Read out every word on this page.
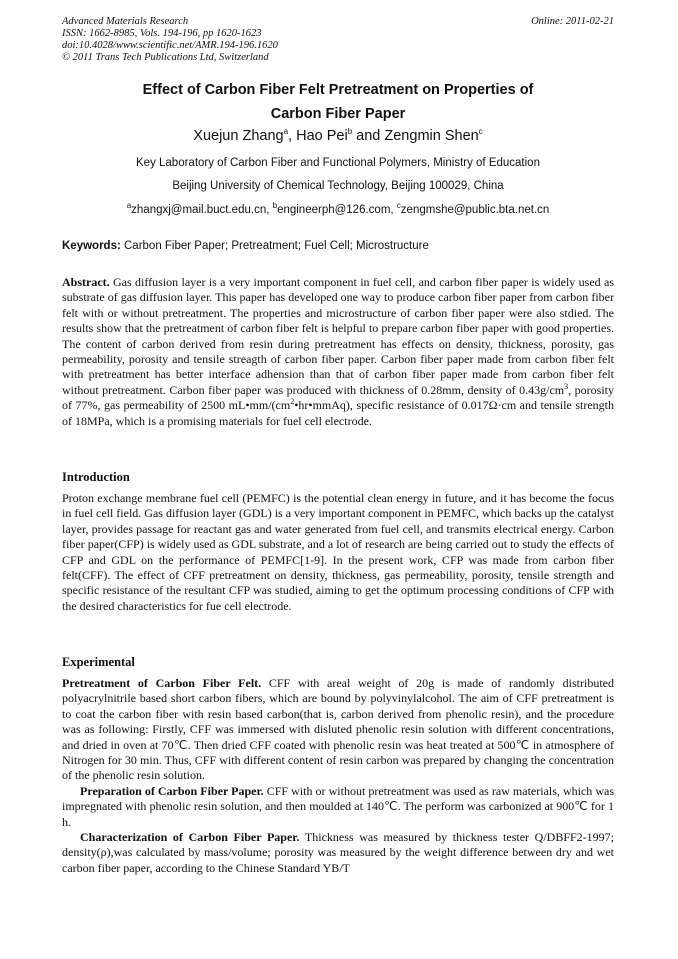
Advanced Materials Research
ISSN: 1662-8985, Vols. 194-196, pp 1620-1623
doi:10.4028/www.scientific.net/AMR.194-196.1620
© 2011 Trans Tech Publications Ltd, Switzerland
Online: 2011-02-21
Effect of Carbon Fiber Felt Pretreatment on Properties of
Carbon Fiber Paper
Xuejun Zhang$^a$, Hao Pei$^b$ and Zengmin Shen$^c$
Key Laboratory of Carbon Fiber and Functional Polymers, Ministry of Education
Beijing University of Chemical Technology, Beijing 100029, China
$^a$zhangxj@mail.buct.edu.cn, $^b$engineerph@126.com, $^c$zengmshe@public.bta.net.cn
Keywords: Carbon Fiber Paper; Pretreatment; Fuel Cell; Microstructure
Abstract. Gas diffusion layer is a very important component in fuel cell, and carbon fiber paper is widely used as substrate of gas diffusion layer. This paper has developed one way to produce carbon fiber paper from carbon fiber felt with or without pretreatment. The properties and microstructure of carbon fiber paper were also stdied. The results show that the pretreatment of carbon fiber felt is helpful to prepare carbon fiber paper with good properties. The content of carbon derived from resin during pretreatment has effects on density, thickness, porosity, gas permeability, porosity and tensile streagth of carbon fiber paper. Carbon fiber paper made from carbon fiber felt with pretreatment has better interface adhension than that of carbon fiber paper made from carbon fiber felt without pretreatment. Carbon fiber paper was produced with thickness of 0.28mm, density of $0.43g/cm^3$, porosity of 77%, gas permeability of 2500 $mL•mm/(cm^2•hr•mmAq)$, specific resistance of 0.017Ω·cm and tensile strength of 18MPa, which is a promising materials for fuel cell electrode.
Introduction
Proton exchange membrane fuel cell (PEMFC) is the potential clean energy in future, and it has become the focus in fuel cell field. Gas diffusion layer (GDL) is a very important component in PEMFC, which backs up the catalyst layer, provides passage for reactant gas and water generated from fuel cell, and transmits electrical energy. Carbon fiber paper(CFP) is widely used as GDL substrate, and a lot of research are being carried out to study the effects of CFP and GDL on the performance of PEMFC[1-9]. In the present work, CFP was made from carbon fiber felt(CFF). The effect of CFF pretreatment on density, thickness, gas permeability, porosity, tensile strength and specific resistance of the resultant CFP was studied, aiming to get the optimum processing conditions of CFP with the desired characteristics for fue cell electrode.
Experimental
Pretreatment of Carbon Fiber Felt. CFF with areal weight of 20g is made of randomly distributed polyacrylnitrile based short carbon fibers, which are bound by polyvinylalcohol. The aim of CFF pretreatment is to coat the carbon fiber with resin based carbon(that is, carbon derived from phenolic resin), and the procedure was as following: Firstly, CFF was immersed with disluted phenolic resin solution with different concentrations, and dried in oven at 70℃. Then dried CFF coated with phenolic resin was heat treated at 500℃ in atmosphere of Nitrogen for 30 min. Thus, CFF with different content of resin carbon was prepared by changing the concentration of the phenolic resin solution.
Preparation of Carbon Fiber Paper. CFF with or without pretreatment was used as raw materials, which was impregnated with phenolic resin solution, and then moulded at 140℃. The perform was carbonized at 900℃ for 1 h.
Characterization of Carbon Fiber Paper. Thickness was measured by thickness tester Q/DBFF2-1997; density(ρ),was calculated by mass/volume; porosity was measured by the weight difference between dry and wet carbon fiber paper, according to the Chinese Standard YB/T
